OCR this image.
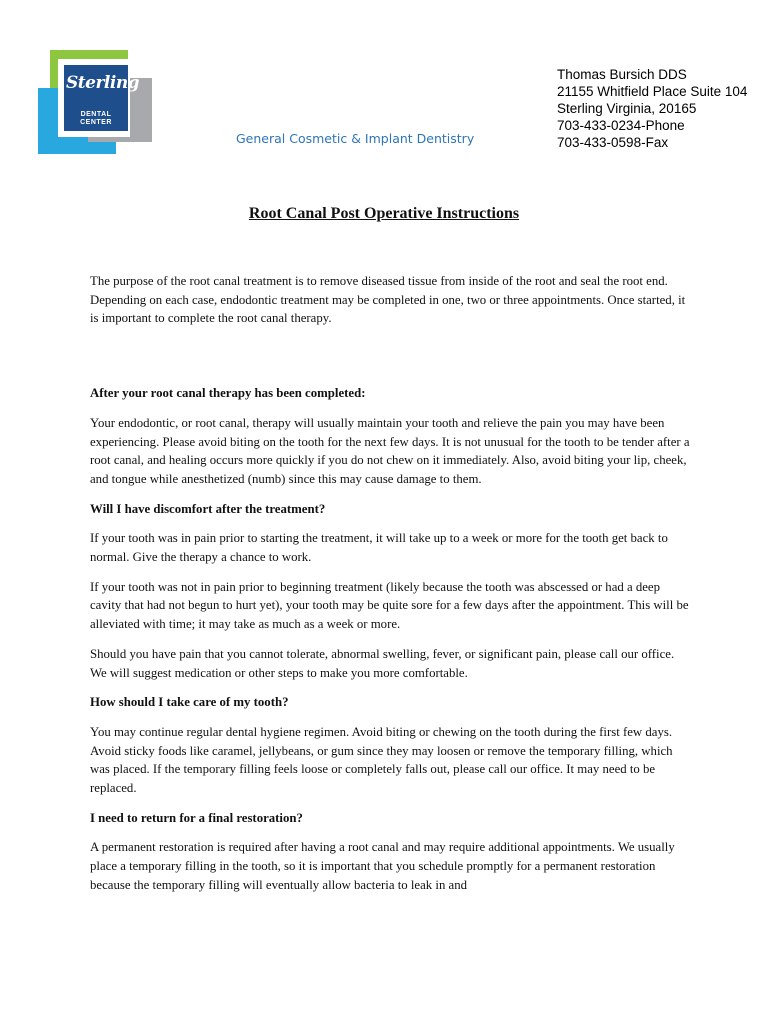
Sterling
DENTAL
CENTER
General Cosmetic & Implant Dentistry
Thomas Bursich DDS
21155 Whitfield Place Suite 104
Sterling Virginia, 20165
703-433-0234-Phone
703-433-0598-Fax
Root Canal Post Operative Instructions

The purpose of the root canal treatment is to remove diseased tissue from inside of the root and seal the root end. Depending on each case, endodontic treatment may be completed in one, two or three appointments. Once started, it is important to complete the root canal therapy.

After your root canal therapy has been completed:

Your endodontic, or root canal, therapy will usually maintain your tooth and relieve the pain you may have been experiencing. Please avoid biting on the tooth for the next few days. It is not unusual for the tooth to be tender after a root canal, and healing occurs more quickly if you do not chew on it immediately. Also, avoid biting your lip, cheek, and tongue while anesthetized (numb) since this may cause damage to them.

Will I have discomfort after the treatment?

If your tooth was in pain prior to starting the treatment, it will take up to a week or more for the tooth get back to normal. Give the therapy a chance to work.

If your tooth was not in pain prior to beginning treatment (likely because the tooth was abscessed or had a deep cavity that had not begun to hurt yet), your tooth may be quite sore for a few days after the appointment. This will be alleviated with time; it may take as much as a week or more.

Should you have pain that you cannot tolerate, abnormal swelling, fever, or significant pain, please call our office. We will suggest medication or other steps to make you more comfortable.

How should I take care of my tooth?

You may continue regular dental hygiene regimen. Avoid biting or chewing on the tooth during the first few days. Avoid sticky foods like caramel, jellybeans, or gum since they may loosen or remove the temporary filling, which was placed. If the temporary filling feels loose or completely falls out, please call our office. It may need to be replaced.

I need to return for a final restoration?

A permanent restoration is required after having a root canal and may require additional appointments. We usually place a temporary filling in the tooth, so it is important that you schedule promptly for a permanent restoration because the temporary filling will eventually allow bacteria to leak in and
